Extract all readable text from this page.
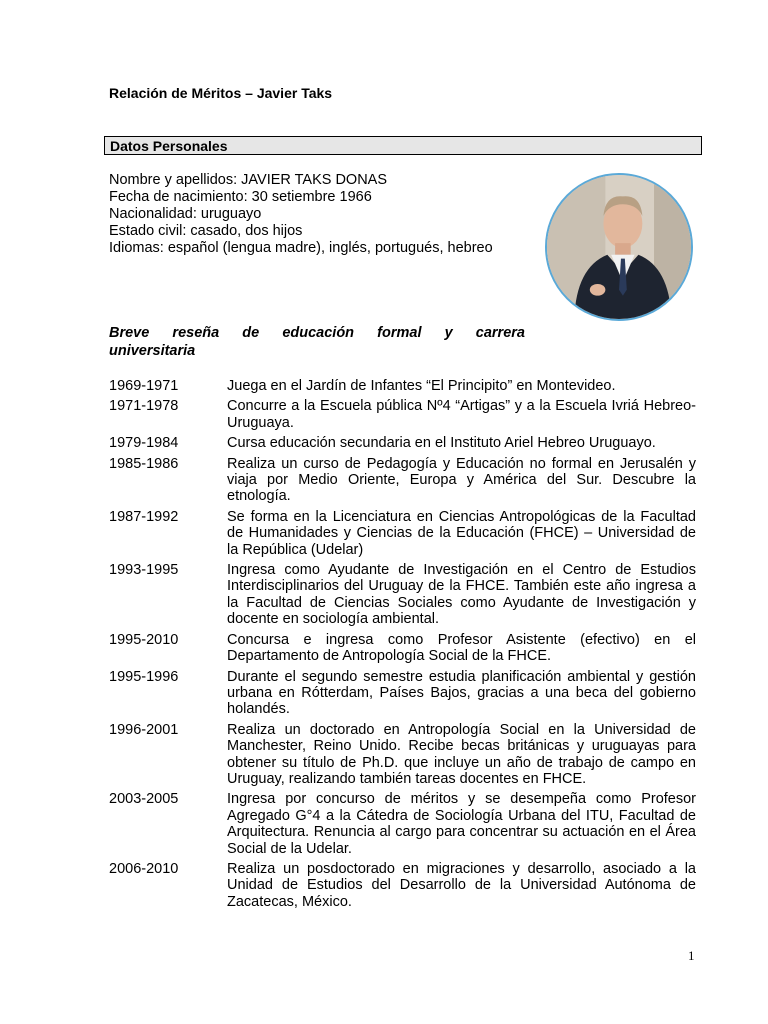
Relación de Méritos – Javier Taks
Datos Personales
Nombre y apellidos: JAVIER TAKS DONAS
Fecha de nacimiento: 30 setiembre 1966
Nacionalidad: uruguayo
Estado civil: casado, dos hijos
Idiomas: español (lengua madre), inglés, portugués, hebreo
Breve reseña de educación formal y carrera
universitaria
1969-1971	Juega en el Jardín de Infantes “El Principito” en Montevideo.
1971-1978	Concurre a la Escuela pública Nº4 “Artigas” y a la Escuela Ivriá Hebreo-Uruguaya.
1979-1984	Cursa educación secundaria en el Instituto Ariel Hebreo Uruguayo.
1985-1986	Realiza un curso de Pedagogía y Educación no formal en Jerusalén y viaja por Medio Oriente, Europa y América del Sur. Descubre la etnología.
1987-1992	Se forma en la Licenciatura en Ciencias Antropológicas de la Facultad de Humanidades y Ciencias de la Educación (FHCE) – Universidad de la República (Udelar)
1993-1995	Ingresa como Ayudante de Investigación en el Centro de Estudios Interdisciplinarios del Uruguay de la FHCE. También este año ingresa a la Facultad de Ciencias Sociales como Ayudante de Investigación y docente en sociología ambiental.
1995-2010	Concursa e ingresa como Profesor Asistente (efectivo) en el Departamento de Antropología Social de la FHCE.
1995-1996	Durante el segundo semestre estudia planificación ambiental y gestión urbana en Rótterdam, Países Bajos, gracias a una beca del gobierno holandés.
1996-2001	Realiza un doctorado en Antropología Social en la Universidad de Manchester, Reino Unido. Recibe becas británicas y uruguayas para obtener su título de Ph.D. que incluye un año de trabajo de campo en Uruguay, realizando también tareas docentes en FHCE.
2003-2005	Ingresa por concurso de méritos y se desempeña como Profesor Agregado G°4 a la Cátedra de Sociología Urbana del ITU, Facultad de Arquitectura. Renuncia al cargo para concentrar su actuación en el Área Social de la Udelar.
2006-2010	Realiza un posdoctorado en migraciones y desarrollo, asociado a la Unidad de Estudios del Desarrollo de la Universidad Autónoma de Zacatecas, México.
1
